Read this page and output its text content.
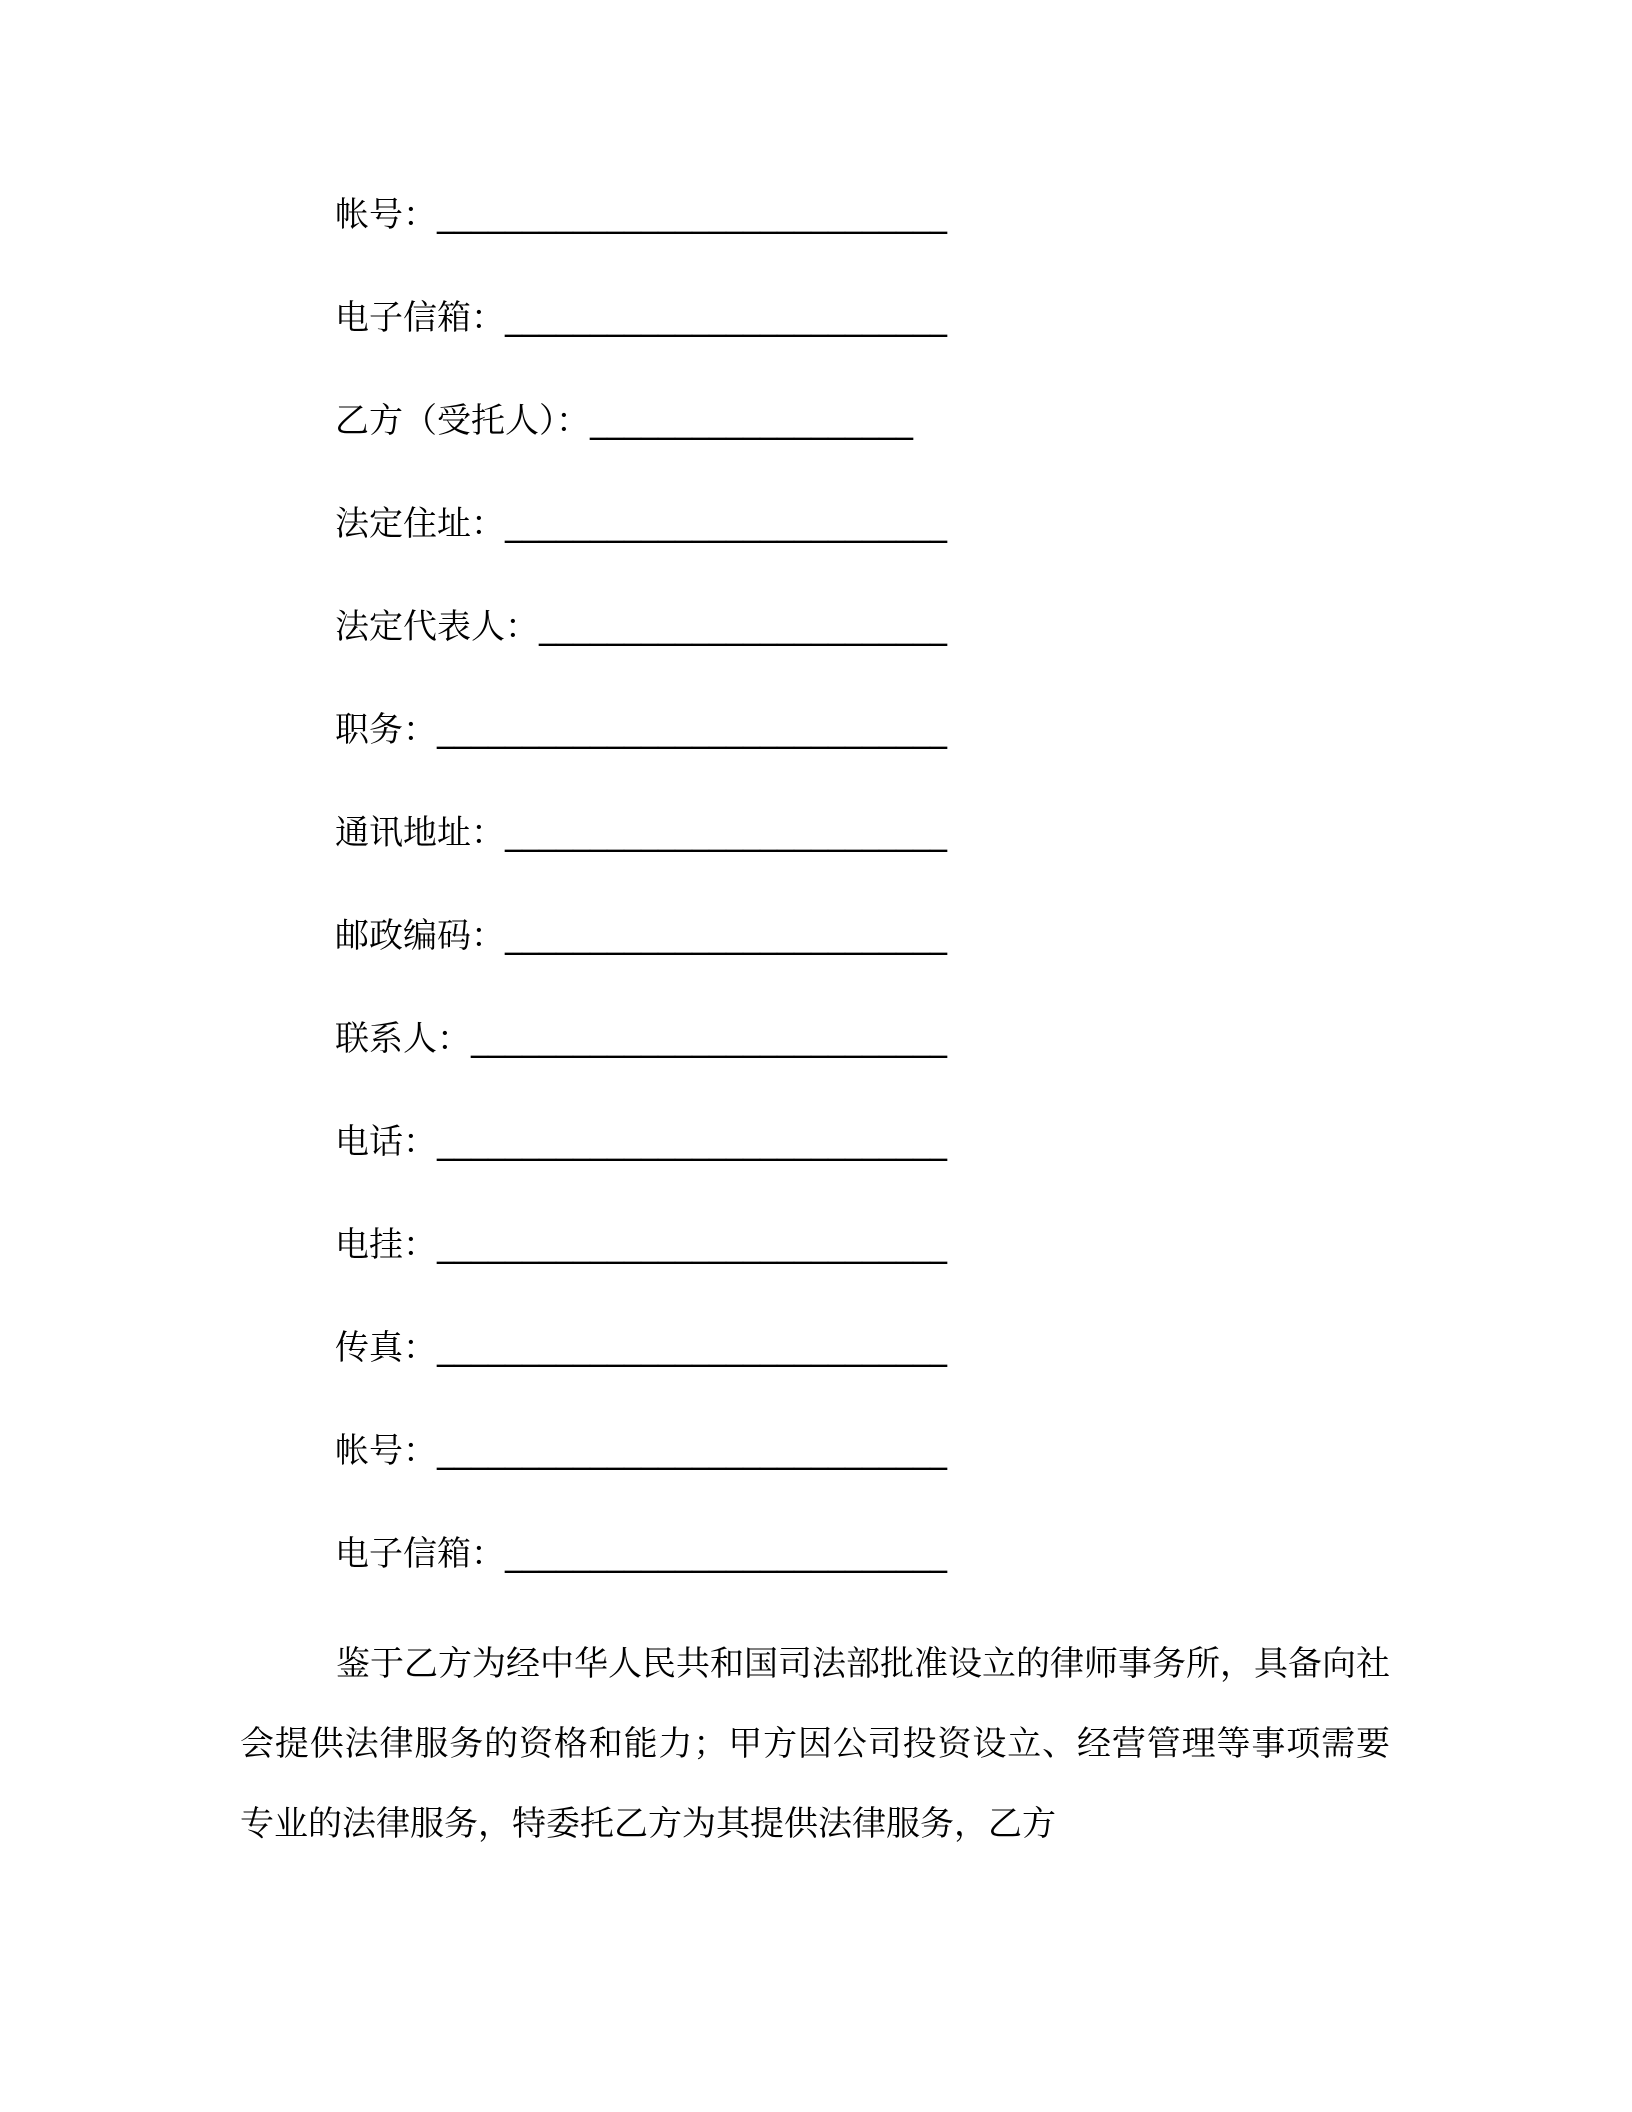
帐号：______________________________

电子信箱：__________________________

乙方（受托人）：___________________

法定住址：__________________________

法定代表人：________________________

职务：______________________________

通讯地址：__________________________

邮政编码：__________________________

联系人：____________________________

电话：______________________________

电挂：______________________________

传真：______________________________

帐号：______________________________

电子信箱：__________________________

鉴于乙方为经中华人民共和国司法部批准设立的律师事务所，具备向社会提供法律服务的资格和能力；甲方因公司投资设立、经营管理等事项需要专业的法律服务，特委托乙方为其提供法律服务，乙方
